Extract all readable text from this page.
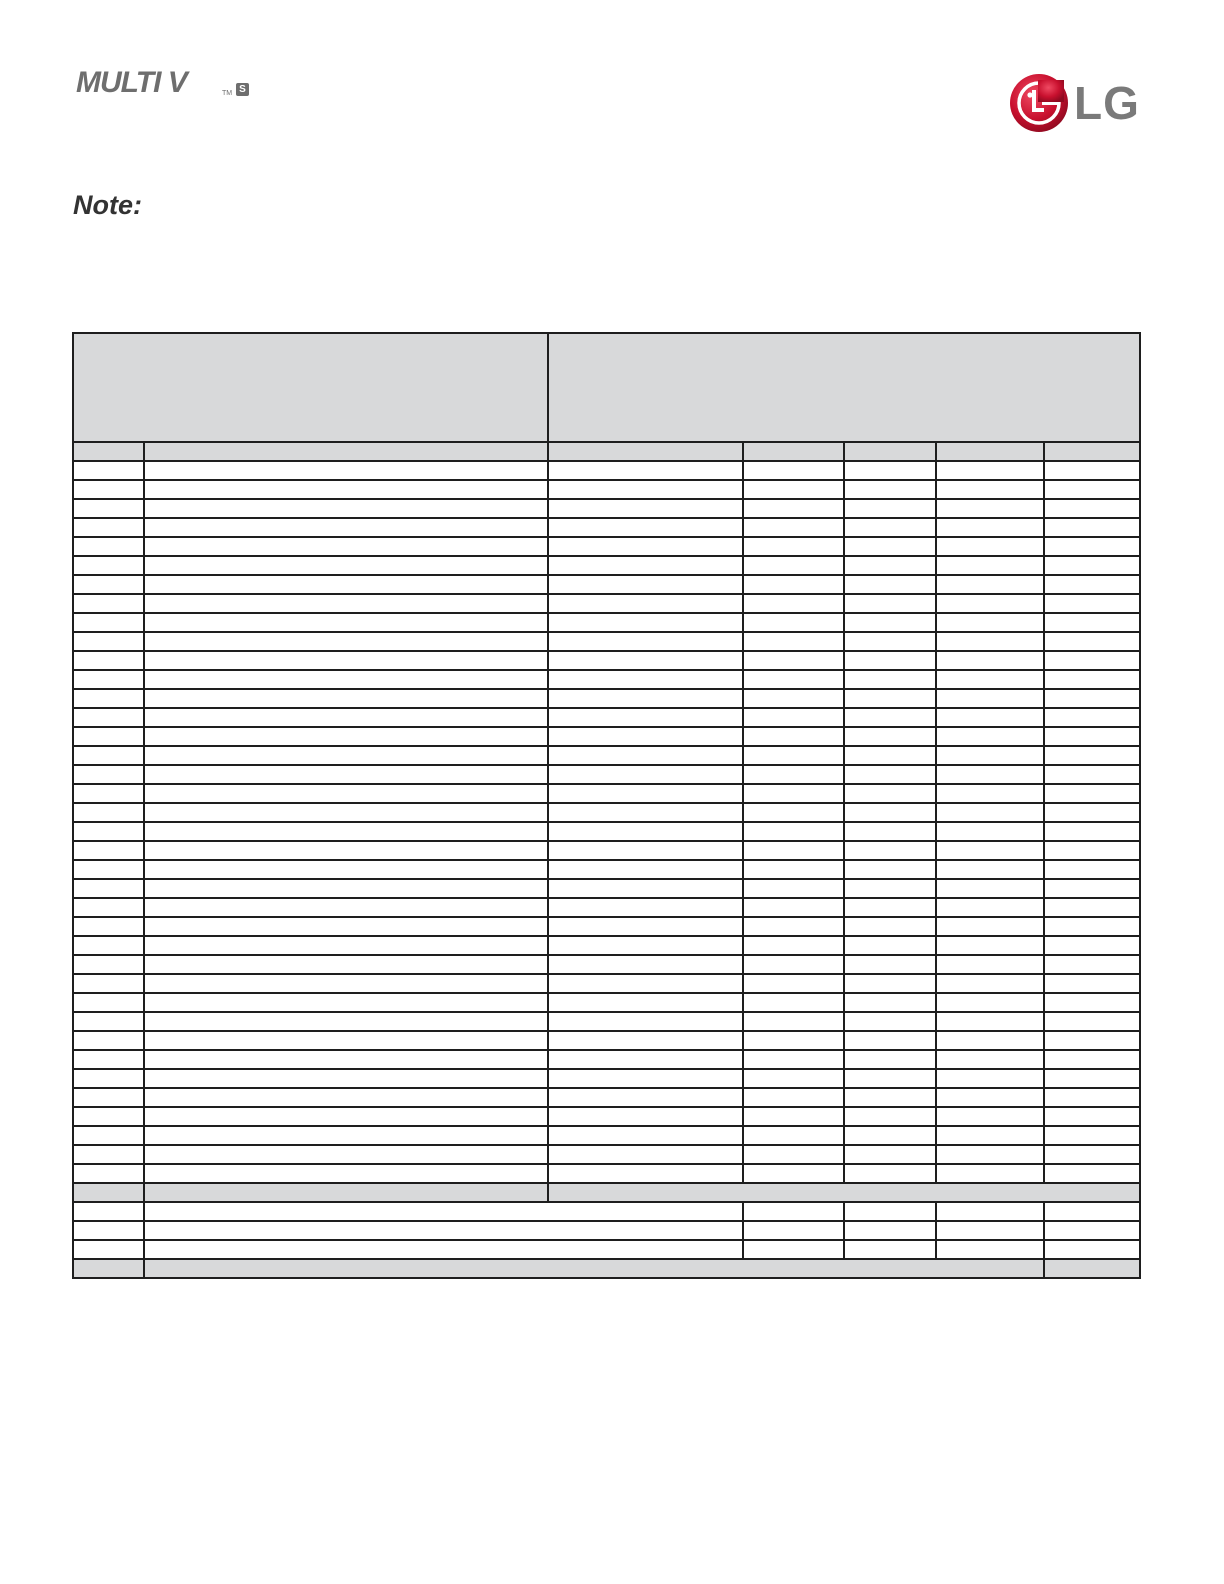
MULTI V	TM S	LG
Note:
